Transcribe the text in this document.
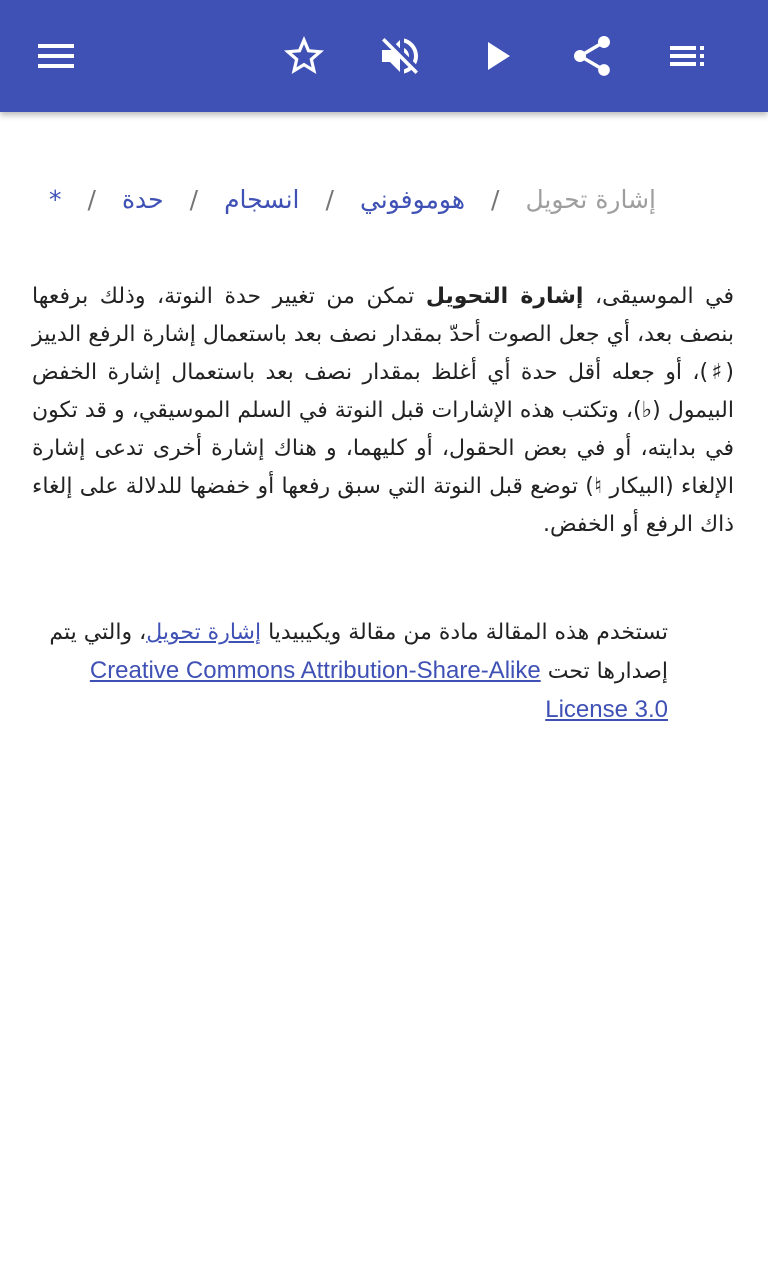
إشارة تحويل/هوموفوني/انسجام/حدة/*

في الموسيقى، إشارة التحويل تمكن من تغيير حدة النوتة، وذلك برفعها بنصف بعد، أي جعل الصوت أحدّ بمقدار نصف بعد باستعمال إشارة الرفع الدييز (♯)، أو جعله أقل حدة أي أغلظ بمقدار نصف بعد باستعمال إشارة الخفض البيمول (♭)، وتكتب هذه الإشارات قبل النوتة في السلم الموسيقي، و قد تكون في بدايته، أو في بعض الحقول، أو كليهما، و هناك إشارة أخرى تدعى إشارة الإلغاء (البيكار ♮) توضع قبل النوتة التي سبق رفعها أو خفضها للدلالة على إلغاء ذاك الرفع أو الخفض.

تستخدم هذه المقالة مادة من مقالة ويكيبيديا إشارة تحويل، والتي يتم إصدارها تحت Creative Commons Attribution-Share-Alike License 3.0
